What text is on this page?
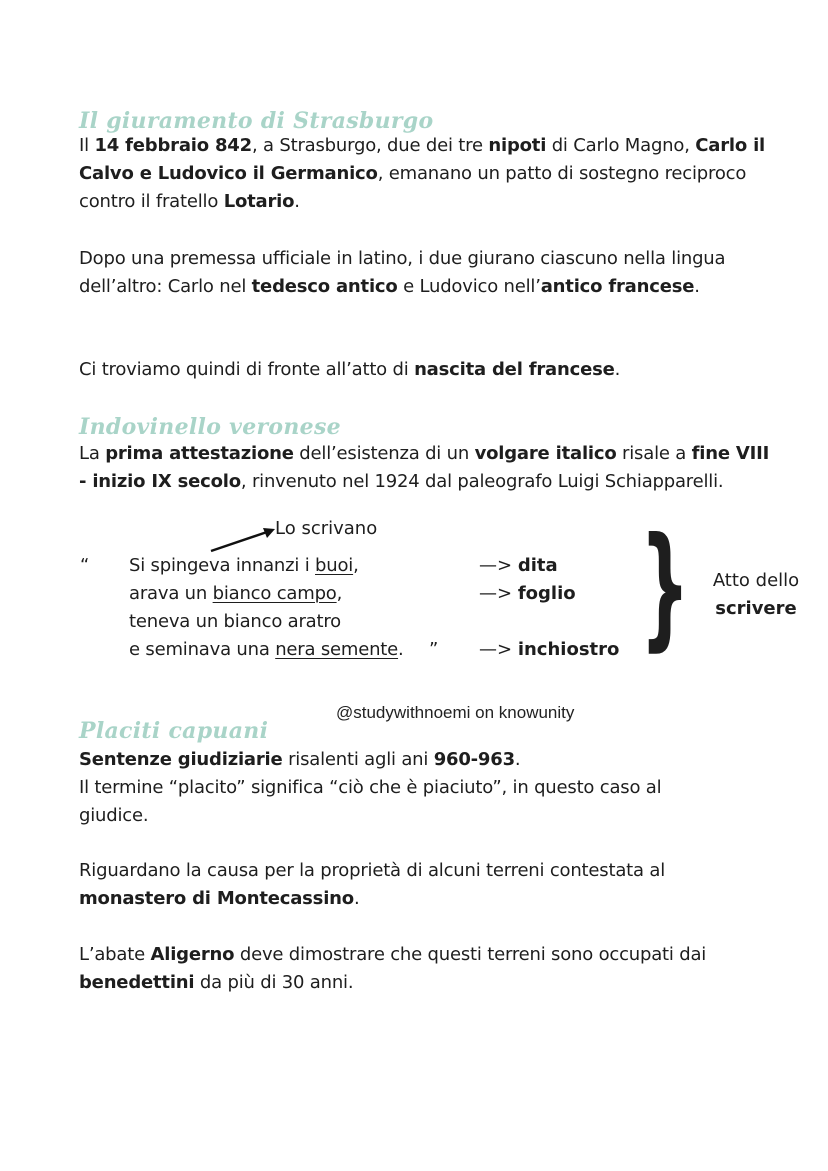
Il giuramento di Strasburgo

Il 14 febbraio 842, a Strasburgo, due dei tre nipoti di Carlo Magno, Carlo il Calvo e Ludovico il Germanico, emanano un patto di sostegno reciproco contro il fratello Lotario.

Dopo una premessa ufficiale in latino, i due giurano ciascuno nella lingua dell’altro: Carlo nel tedesco antico e Ludovico nell’antico francese.

Ci troviamo quindi di fronte all’atto di nascita del francese.

Indovinello veronese

La prima attestazione dell’esistenza di un volgare italico risale a fine VIII - inizio IX secolo, rinvenuto nel 1924 dal paleografo Luigi Schiapparelli.

Lo scrivano
“ Si spingeva innanzi i buoi,
arava un bianco campo,
teneva un bianco aratro
e seminava una nera semente. ”
—> dita
—> foglio
—> inchiostro }	Atto dello
scrivere
@studywithnoemi on knowunity
Placiti capuani

Sentenze giudiziarie risalenti agli ani 960-963.

Il termine “placito” significa “ciò che è piaciuto”, in questo caso al giudice.

Riguardano la causa per la proprietà di alcuni terreni contestata al monastero di Montecassino.

L’abate Aligerno deve dimostrare che questi terreni sono occupati dai benedettini da più di 30 anni.
